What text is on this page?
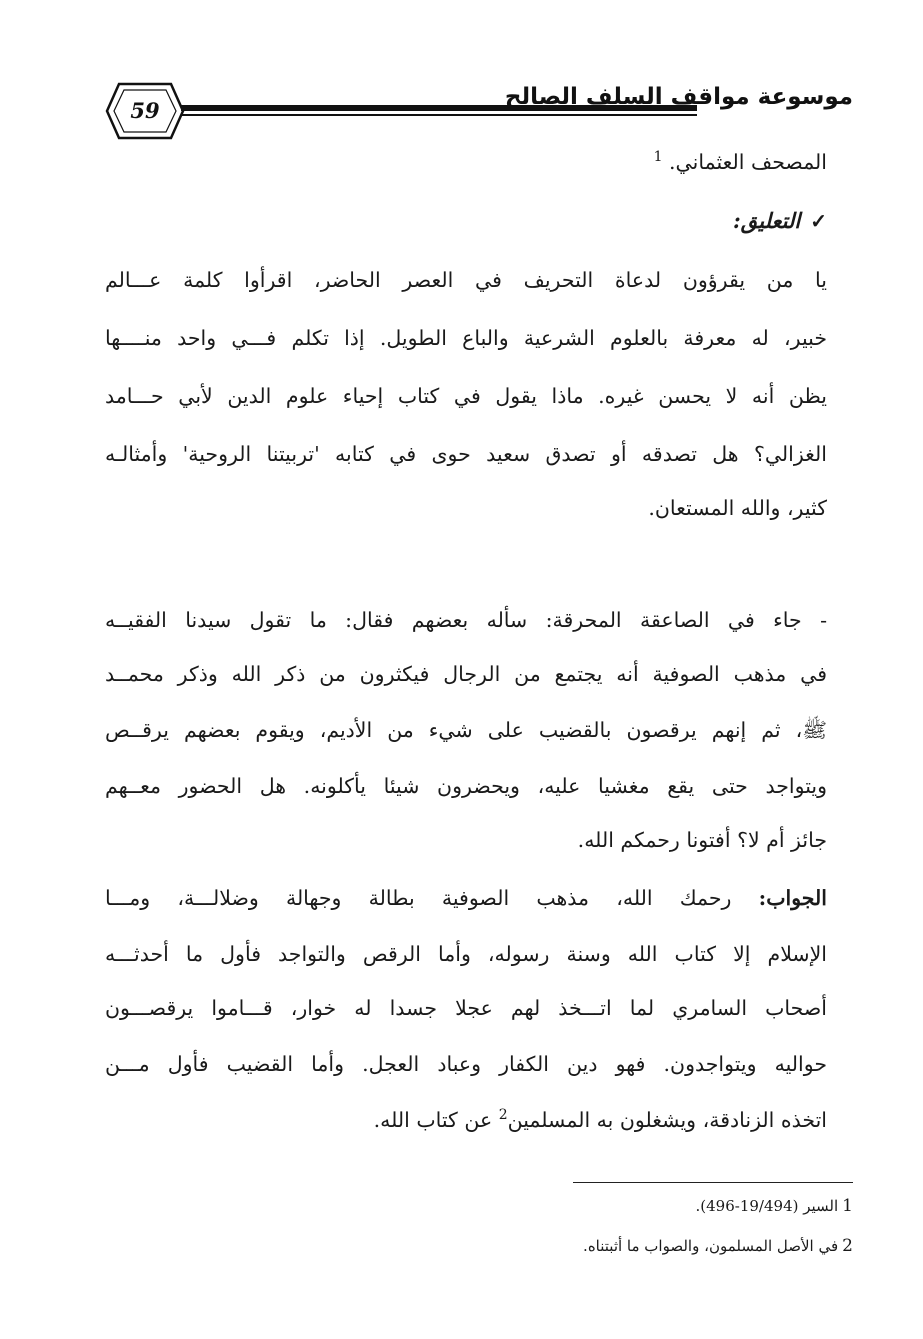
59
موسوعة مواقف السلف الصالح
المصحف العثماني. $^1$
✓التعليق:
يا من يقرؤون لدعاة التحريف في العصر الحاضر، اقرأوا كلمة عـــالم
خبير، له معرفة بالعلوم الشرعية والباع الطويل. إذا تكلم فـــي واحد منــــها
يظن أنه لا يحسن غيره. ماذا يقول في كتاب إحياء علوم الدين لأبي حـــامد
الغزالي؟ هل تصدقه أو تصدق سعيد حوى في كتابه 'تربيتنا الروحية' وأمثالـه
كثير، والله المستعان.
- جاء في الصاعقة المحرقة: سأله بعضهم فقال: ما تقول سيدنا الفقيــه
في مذهب الصوفية أنه يجتمع من الرجال فيكثرون من ذكر الله وذكر محمــد
ﷺ، ثم إنهم يرقصون بالقضيب على شيء من الأديم، ويقوم بعضهم يرقــص
ويتواجد حتى يقع مغشيا عليه، ويحضرون شيئا يأكلونه. هل الحضور معــهم
جائز أم لا؟ أفتونا رحمكم الله.
الجواب: رحمك الله، مذهب الصوفية بطالة وجهالة وضلالـــة، ومـــا
الإسلام إلا كتاب الله وسنة رسوله، وأما الرقص والتواجد فأول ما أحدثـــه
أصحاب السامري لما اتـــخذ لهم عجلا جسدا له خوار، قـــاموا يرقصـــون
حواليه ويتواجدون. فهو دين الكفار وعباد العجل. وأما القضيب فأول مـــن
اتخذه الزنادقة، ويشغلون به المسلمين$^2$ عن كتاب الله.
1السير (19/494-496).
2في الأصل المسلمون، والصواب ما أثبتناه.
